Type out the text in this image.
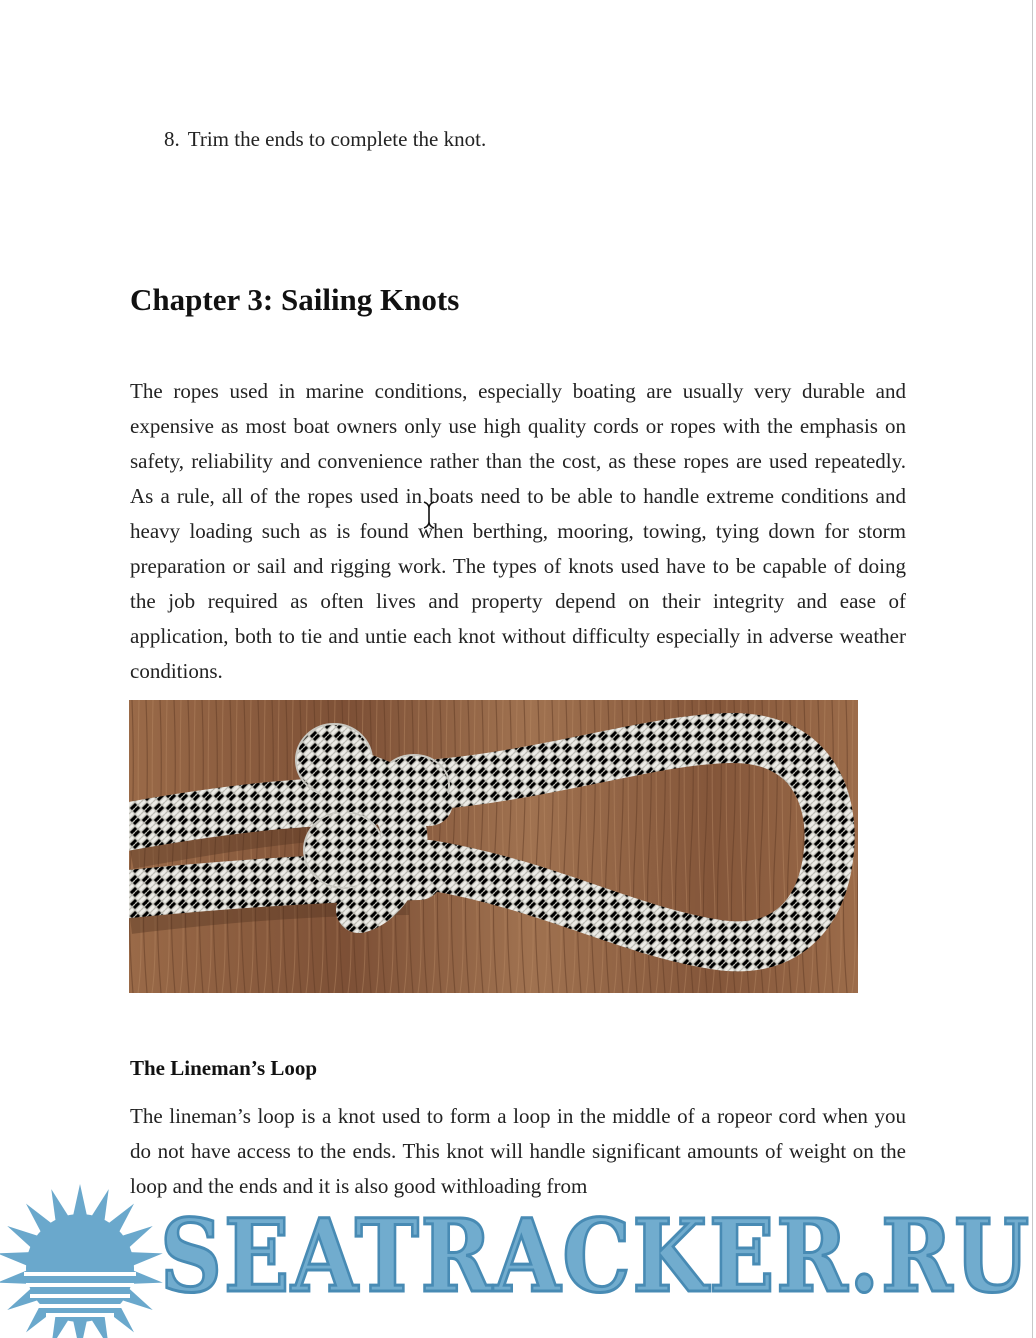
8. Trim the ends to complete the knot.
Chapter 3: Sailing Knots

The ropes used in marine conditions, especially boating are usually very durable and expensive as most boat owners only use high quality cords or ropes with the emphasis on safety, reliability and convenience rather than the cost, as these ropes are used repeatedly. As a rule, all of the ropes used in boats need to be able to handle extreme conditions and heavy loading such as is found when berthing, mooring, towing, tying down for storm preparation or sail and rigging work. The types of knots used have to be capable of doing the job required as often lives and property depend on their integrity and ease of application, both to tie and untie each knot without difficulty especially in adverse weather conditions.

The Lineman’s Loop

The lineman’s loop is a knot used to form a loop in the middle of a ropeor cord when you do not have access to the ends. This knot will handle significant amounts of weight on the loop and the ends and it is also good withloading from

SEATRACKER.RU
